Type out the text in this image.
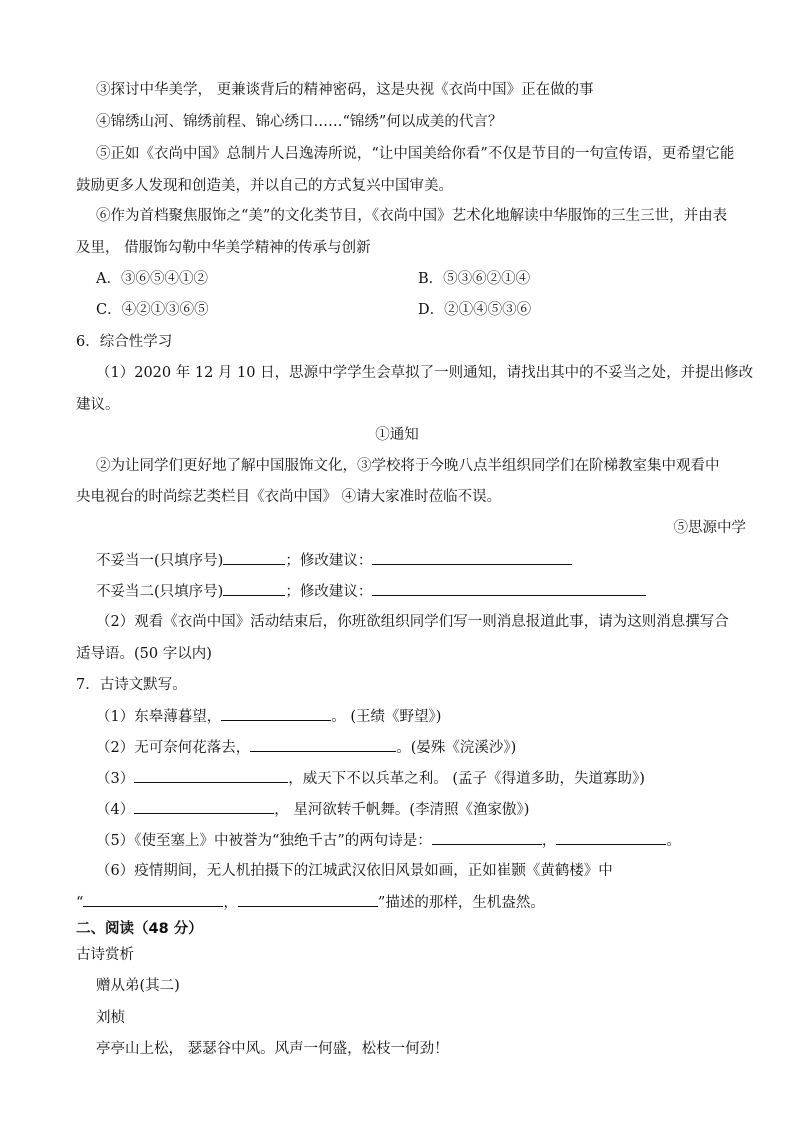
③探讨中华美学， 更兼谈背后的精神密码，这是央视《衣尚中国》正在做的事
④锦绣山河、锦绣前程、锦心绣口……“锦绣”何以成美的代言？
⑤正如《衣尚中国》总制片人吕逸涛所说，“让中国美给你看”不仅是节目的一句宣传语，更希望它能
鼓励更多人发现和创造美，并以自己的方式复兴中国审美。
⑥作为首档聚焦服饰之“美”的文化类节目，《衣尚中国》艺术化地解读中华服饰的三生三世，并由表
及里， 借服饰勾勒中华美学精神的传承与创新
A．③⑥⑤④①②	B．⑤③⑥②①④
C．④②①③⑥⑤	D．②①④⑤③⑥
6．综合性学习
（1）2020 年 12 月 10 日，思源中学学生会草拟了一则通知，请找出其中的不妥当之处，并提出修改
建议。
①通知
②为让同学们更好地了解中国服饰文化，③学校将于今晚八点半组织同学们在阶梯教室集中观看中
央电视台的时尚综艺类栏目《衣尚中国》 ④请大家准时莅临不误。
⑤思源中学
不妥当一(只填序号)	；修改建议：
不妥当二(只填序号)	；修改建议：
（2）观看《衣尚中国》活动结束后，你班欲组织同学们写一则消息报道此事，请为这则消息撰写合
适导语。(50 字以内)
7．古诗文默写。
（1）东皋薄暮望，	。 (王绩《野望》)
（2）无可奈何花落去，	。(晏殊《浣溪沙》)
（3）	，威天下不以兵革之利。 (孟子《得道多助，失道寡助》)
（4）	， 星河欲转千帆舞。(李清照《渔家傲》)
（5）《使至塞上》中被誉为“独绝千古”的两句诗是：	，	。
（6）疫情期间，无人机拍摄下的江城武汉依旧风景如画，正如崔颢《黄鹤楼》中
“	，	”描述的那样，生机盎然。
二、阅读（48 分）
古诗赏析
赠从弟(其二)
刘桢
亭亭山上松， 瑟瑟谷中风。风声一何盛，松枝一何劲！
